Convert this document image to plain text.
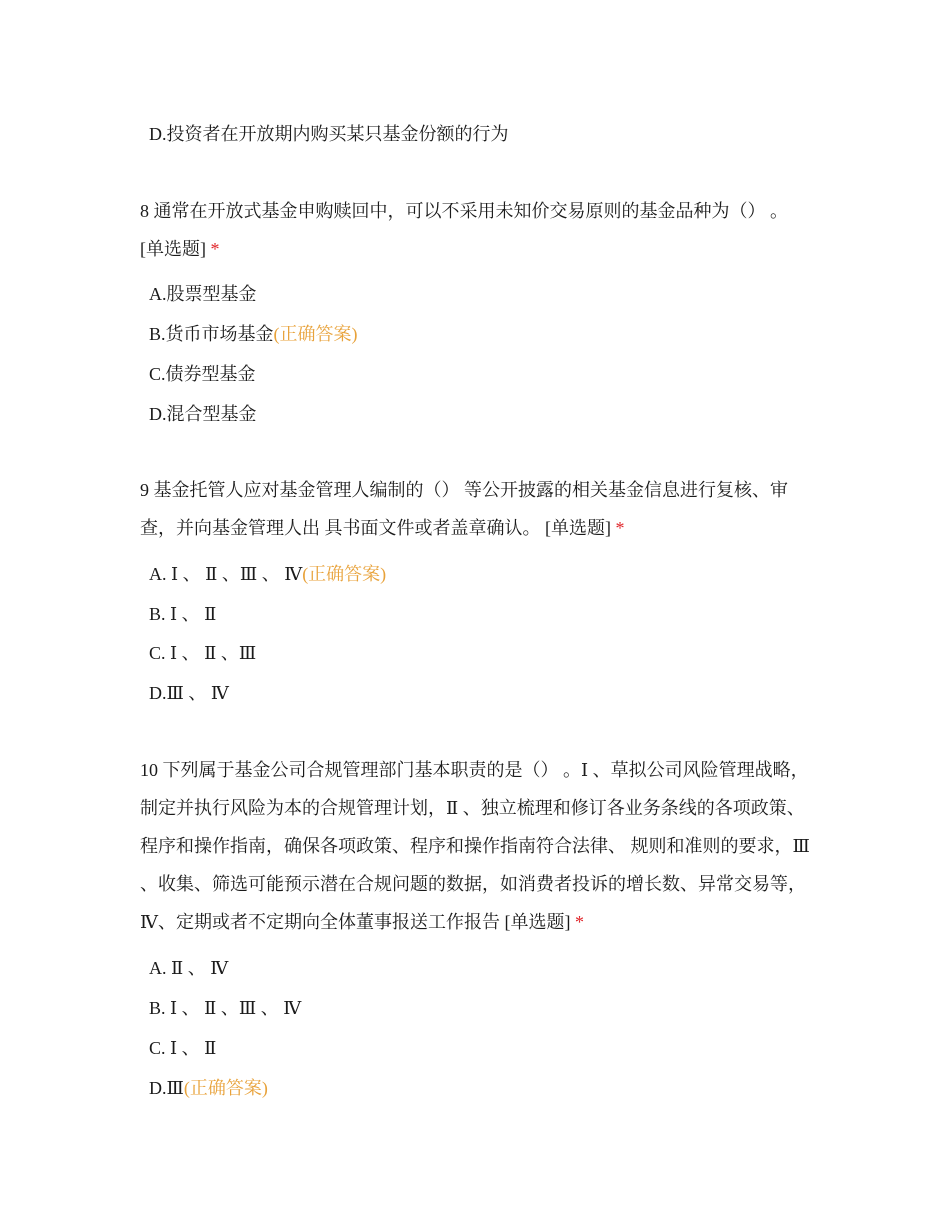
D.投资者在开放期内购买某只基金份额的行为
8 通常在开放式基金申购赎回中，可以不采用未知价交易原则的基金品种为（） 。 [单选题] *
A.股票型基金
B.货币市场基金(正确答案)
C.债券型基金
D.混合型基金
9 基金托管人应对基金管理人编制的（） 等公开披露的相关基金信息进行复核、审查，并向基金管理人出 具书面文件或者盖章确认。 [单选题] *
A. Ⅰ 、 Ⅱ 、Ⅲ 、 Ⅳ(正确答案)
B. Ⅰ 、 Ⅱ
C. Ⅰ 、 Ⅱ 、Ⅲ
D.Ⅲ 、 Ⅳ
10 下列属于基金公司合规管理部门基本职责的是（） 。Ⅰ 、草拟公司风险管理战略，制定并执行风险为本的合规管理计划，Ⅱ 、独立梳理和修订各业务条线的各项政策、程序和操作指南，确保各项政策、程序和操作指南符合法律、 规则和准则的要求，Ⅲ 、收集、筛选可能预示潜在合规问题的数据，如消费者投诉的增长数、异常交易等，Ⅳ、定期或者不定期向全体董事报送工作报告 [单选题] *
A. Ⅱ 、 Ⅳ
B. Ⅰ 、 Ⅱ 、Ⅲ 、 Ⅳ
C. Ⅰ 、 Ⅱ
D.Ⅲ(正确答案)
